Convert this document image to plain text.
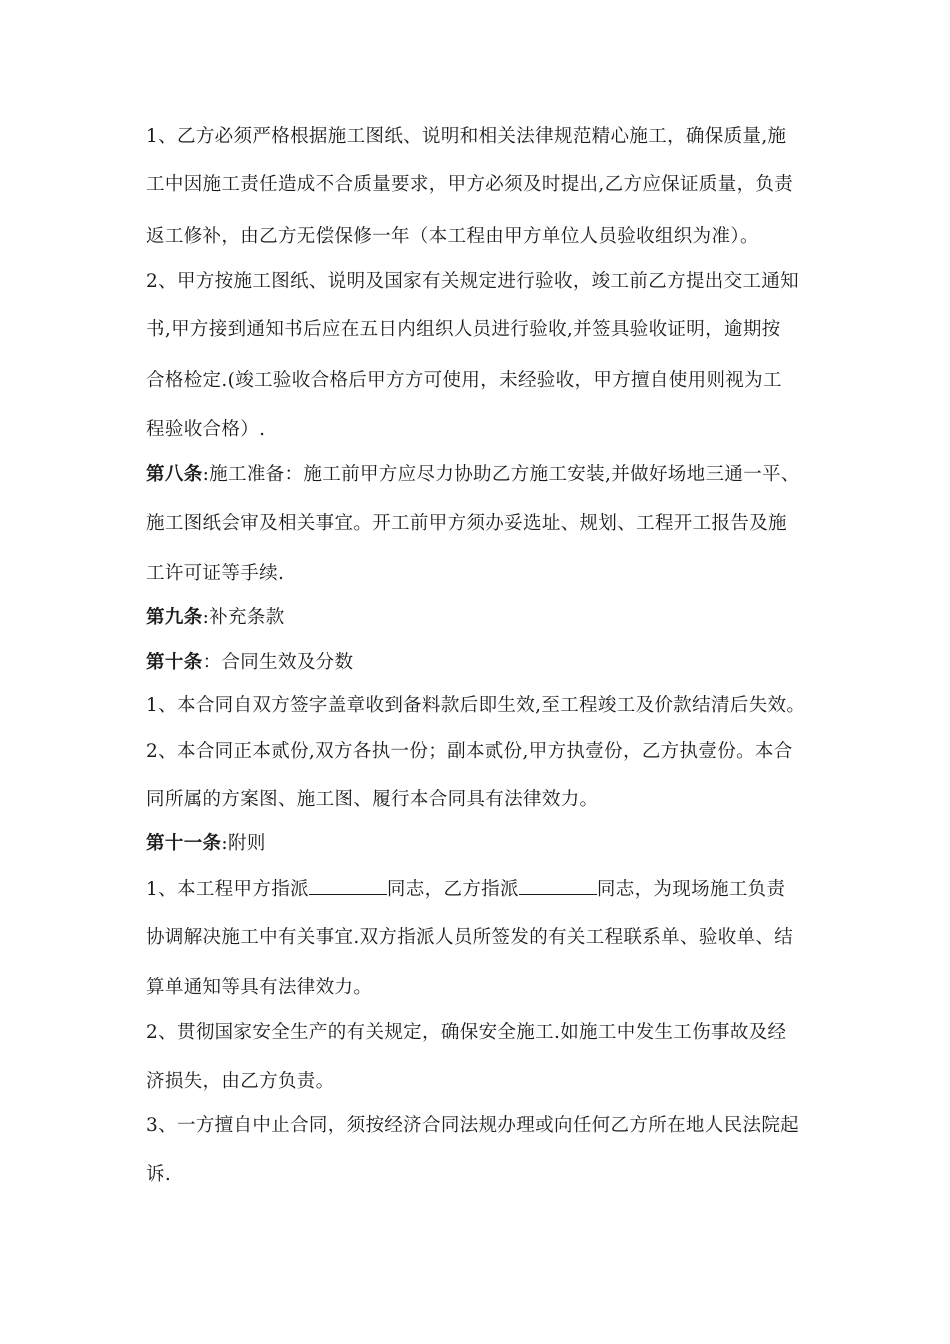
1、乙方必须严格根据施工图纸、说明和相关法律规范精心施工，确保质量,施
工中因施工责任造成不合质量要求，甲方必须及时提出,乙方应保证质量，负责
返工修补，由乙方无偿保修一年（本工程由甲方单位人员验收组织为准）。
2、甲方按施工图纸、说明及国家有关规定进行验收，竣工前乙方提出交工通知
书,甲方接到通知书后应在五日内组织人员进行验收,并签具验收证明，逾期按
合格检定.(竣工验收合格后甲方方可使用，未经验收，甲方擅自使用则视为工
程验收合格）.
第八条:施工准备：施工前甲方应尽力协助乙方施工安装,并做好场地三通一平、
施工图纸会审及相关事宜。开工前甲方须办妥选址、规划、工程开工报告及施
工许可证等手续.
第九条:补充条款
第十条：合同生效及分数
1、本合同自双方签字盖章收到备料款后即生效,至工程竣工及价款结清后失效。
2、本合同正本贰份,双方各执一份；副本贰份,甲方执壹份，乙方执壹份。本合
同所属的方案图、施工图、履行本合同具有法律效力。
第十一条:附则
1、本工程甲方指派	同志，乙方指派	同志，为现场施工负责
协调解决施工中有关事宜.双方指派人员所签发的有关工程联系单、验收单、结
算单通知等具有法律效力。
2、贯彻国家安全生产的有关规定，确保安全施工.如施工中发生工伤事故及经
济损失，由乙方负责。
3、一方擅自中止合同，须按经济合同法规办理或向任何乙方所在地人民法院起
诉.
